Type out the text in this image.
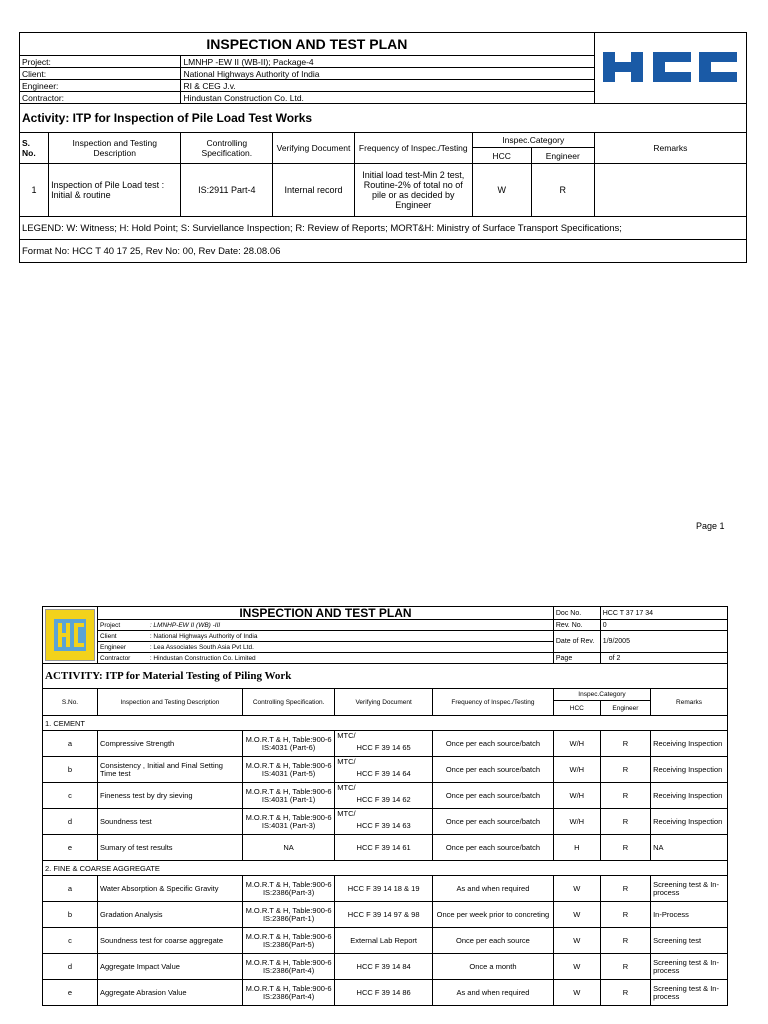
INSPECTION AND TEST PLAN	
Project:		LMNHP -EW II (WB-II); Package-4					
Client:		National Highways Authority of India					
Engineer:		RI & CEG J.v.					
Contractor:		Hindustan Construction Co. Ltd.					
Activity: ITP for Inspection of Pile Load Test Works							
S.
No.	Inspection and Testing Description	Controlling
Specification.	Verifying Document	Frequency of Inspec./Testing	Inspec.Category		Remarks
					HCC	Engineer	
1	Inspection of Pile Load test : Initial & routine	IS:2911 Part-4	Internal record	Initial load test-Min 2 test, Routine-2% of total no of pile or as decided by Engineer	W	R	
LEGEND: W: Witness; H: Hold Point; S: Surviellance Inspection; R: Review of Reports; MORT&H: Ministry of Surface Transport Specifications;							
Format No: HCC T 40 17 25, Rev No: 00, Rev Date: 28.08.06							
Page 1
	INSPECTION AND TEST PLAN				Doc No.	HCC T 37 17 34	
	Project : LMNHP-EW II (WB) -III				Rev. No.	0	
	Client : National Highways Authority of India				Date of Rev.	1/9/2005	
	Engineer : Lea Associates South Asia Pvt Ltd.						
	Contractor : Hindustan Construction Co. Limited				Page	of 2	
ACTIVITY: ITP for Material Testing of Piling Work							
S.No.	Inspection and Testing Description	Controlling Specification.	Verifying Document	Frequency of Inspec./Testing	Inspec.Category		Remarks
					HCC	Engineer	
1. CEMENT							
a	Compressive Strength	M.O.R.T & H, Table:900-6
IS:4031 (Part-6)	MTC/
HCC F 39 14 65	Once per each source/batch	W/H	R	Receiving Inspection
b	Consistency , Initial and Final Setting Time test	M.O.R.T & H, Table:900-6
IS:4031 (Part-5)	MTC/
HCC F 39 14 64	Once per each source/batch	W/H	R	Receiving Inspection
c	Fineness test by dry sieving	M.O.R.T & H, Table:900-6
IS:4031 (Part-1)	MTC/
HCC F 39 14 62	Once per each source/batch	W/H	R	Receiving Inspection
d	Soundness test	M.O.R.T & H, Table:900-6
IS:4031 (Part-3)	MTC/
HCC F 39 14 63	Once per each source/batch	W/H	R	Receiving Inspection
e	Sumary of test results	NA	HCC F 39 14 61	Once per each source/batch	H	R	NA
2. FINE & COARSE AGGREGATE							
a	Water Absorption & Specific Gravity	M.O.R.T & H, Table:900-6
IS:2386(Part-3)	HCC F 39 14 18 & 19	As and when required	W	R	Screening test & In-process
b	Gradation Analysis	M.O.R.T & H, Table:900-6
IS:2386(Part-1)	HCC F 39 14 97 & 98	Once per week prior to concreting	W	R	In-Process
c	Soundness test for coarse aggregate	M.O.R.T & H, Table:900-6
IS:2386(Part-5)	External Lab Report	Once per each source	W	R	Screening test
d	Aggregate Impact Value	M.O.R.T & H, Table:900-6
IS:2386(Part-4)	HCC F 39 14 84	Once a month	W	R	Screening test & In-process
e	Aggregate Abrasion Value	M.O.R.T & H, Table:900-6
IS:2386(Part-4)	HCC F 39 14 86	As and when required	W	R	Screening test & In-process
